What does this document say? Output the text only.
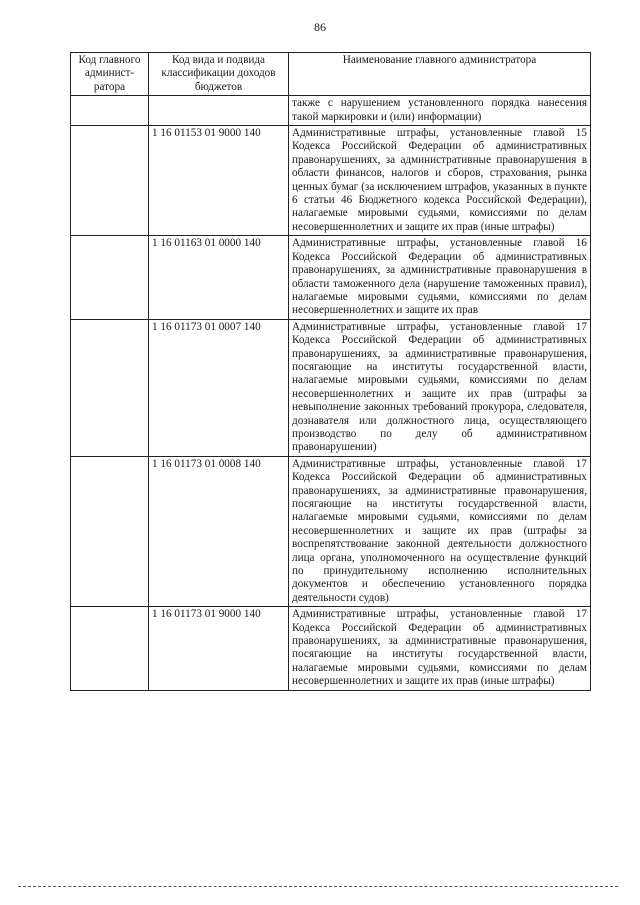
86
Код главного админист-ратора	Код вида и подвида классификации доходов бюджетов	Наименование главного администратора
		также с нарушением установленного порядка нанесения такой маркировки и (или) информации)
	1 16 01153 01 9000 140	Административные штрафы, установленные главой 15 Кодекса Российской Федерации об административных правонарушениях, за административные правонарушения в области финансов, налогов и сборов, страхования, рынка ценных бумаг (за исключением штрафов, указанных в пункте 6 статьи 46 Бюджетного кодекса Российской Федерации), налагаемые мировыми судьями, комиссиями по делам несовершеннолетних и защите их прав (иные штрафы)
	1 16 01163 01 0000 140	Административные штрафы, установленные главой 16 Кодекса Российской Федерации об административных правонарушениях, за административные правонарушения в области таможенного дела (нарушение таможенных правил), налагаемые мировыми судьями, комиссиями по делам несовершеннолетних и защите их прав
	1 16 01173 01 0007 140	Административные штрафы, установленные главой 17 Кодекса Российской Федерации об административных правонарушениях, за административные правонарушения, посягающие на институты государственной власти, налагаемые мировыми судьями, комиссиями по делам несовершеннолетних и защите их прав (штрафы за невыполнение законных требований прокурора, следователя, дознавателя или должностного лица, осуществляющего производство по делу об административном правонарушении)
	1 16 01173 01 0008 140	Административные штрафы, установленные главой 17 Кодекса Российской Федерации об административных правонарушениях, за административные правонарушения, посягающие на институты государственной власти, налагаемые мировыми судьями, комиссиями по делам несовершеннолетних и защите их прав (штрафы за воспрепятствование законной деятельности должностного лица органа, уполномоченного на осуществление функций по принудительному исполнению исполнительных документов и обеспечению установленного порядка деятельности судов)
	1 16 01173 01 9000 140	Административные штрафы, установленные главой 17 Кодекса Российской Федерации об административных правонарушениях, за административные правонарушения, посягающие на институты государственной власти, налагаемые мировыми судьями, комиссиями по делам несовершеннолетних и защите их прав (иные штрафы)
